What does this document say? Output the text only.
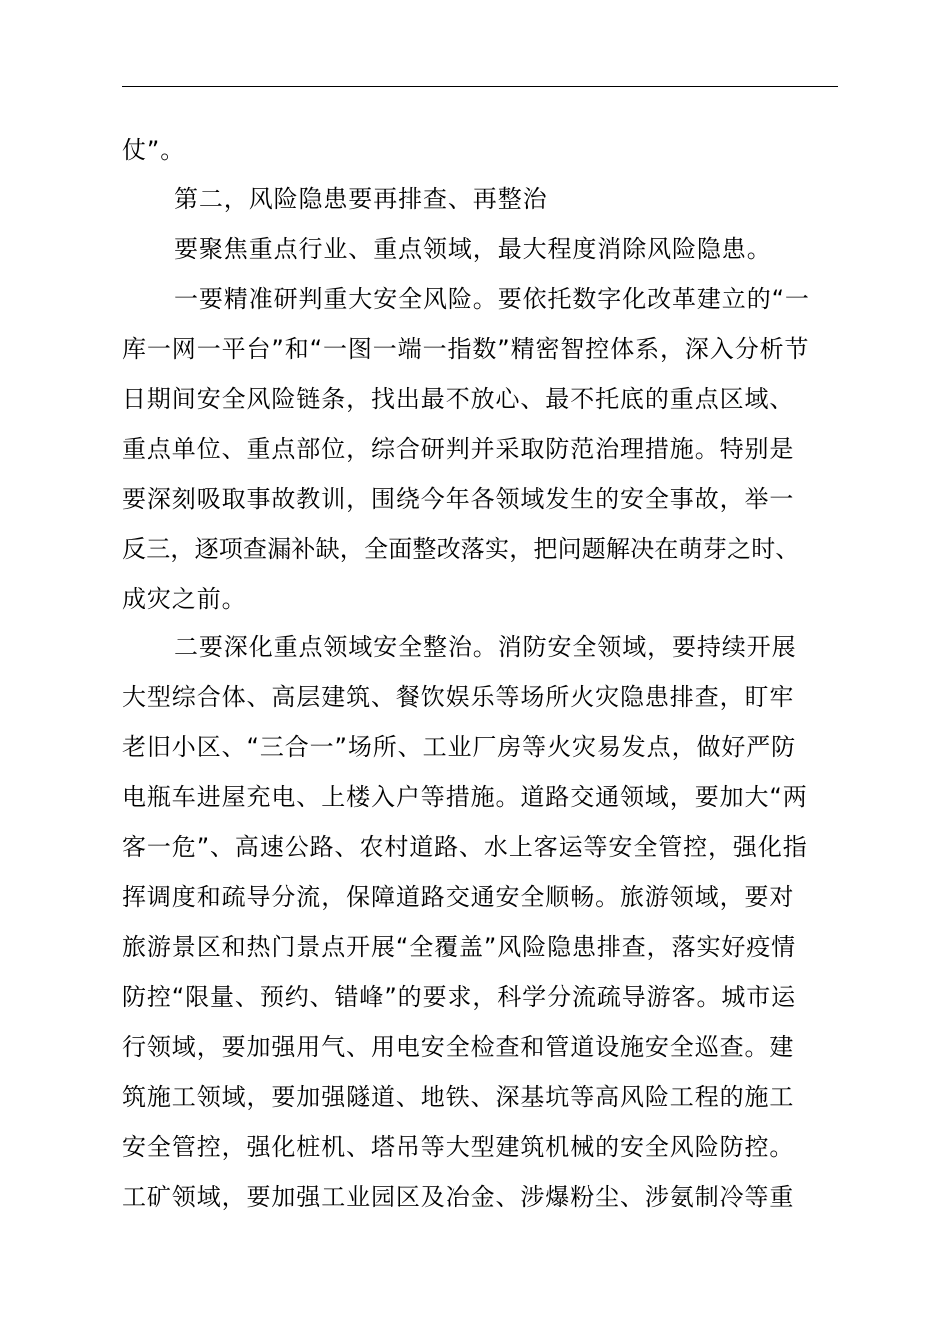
仗”。
第二，风险隐患要再排查、再整治
要聚焦重点行业、重点领域，最大程度消除风险隐患。
一要精准研判重大安全风险。要依托数字化改革建立的“一
库一网一平台”和“一图一端一指数”精密智控体系，深入分析节
日期间安全风险链条，找出最不放心、最不托底的重点区域、
重点单位、重点部位，综合研判并采取防范治理措施。特别是
要深刻吸取事故教训，围绕今年各领域发生的安全事故，举一
反三，逐项查漏补缺，全面整改落实，把问题解决在萌芽之时、
成灾之前。
二要深化重点领域安全整治。消防安全领域，要持续开展
大型综合体、高层建筑、餐饮娱乐等场所火灾隐患排查，盯牢
老旧小区、“三合一”场所、工业厂房等火灾易发点，做好严防
电瓶车进屋充电、上楼入户等措施。道路交通领域，要加大“两
客一危”、高速公路、农村道路、水上客运等安全管控，强化指
挥调度和疏导分流，保障道路交通安全顺畅。旅游领域，要对
旅游景区和热门景点开展“全覆盖”风险隐患排查，落实好疫情
防控“限量、预约、错峰”的要求，科学分流疏导游客。城市运
行领域，要加强用气、用电安全检查和管道设施安全巡查。建
筑施工领域，要加强隧道、地铁、深基坑等高风险工程的施工
安全管控，强化桩机、塔吊等大型建筑机械的安全风险防控。
工矿领域，要加强工业园区及冶金、涉爆粉尘、涉氨制冷等重
